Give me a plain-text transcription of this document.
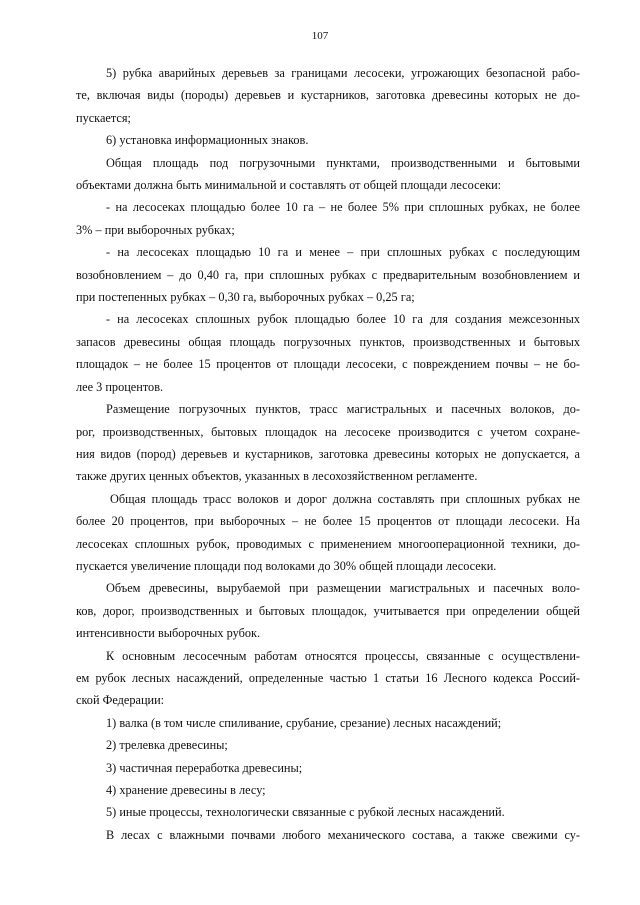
107
5) рубка аварийных деревьев за границами лесосеки, угрожающих безопасной рабо-
те, включая виды (породы) деревьев и кустарников, заготовка древесины которых не до-
пускается;
6) установка информационных знаков.
Общая площадь под погрузочными пунктами, производственными и бытовыми
объектами должна быть минимальной и составлять от общей площади лесосеки:
- на лесосеках площадью более 10 га – не более 5% при сплошных рубках, не более
3% – при выборочных рубках;
- на лесосеках площадью 10 га и менее – при сплошных рубках с последующим
возобновлением – до 0,40 га, при сплошных рубках с предварительным возобновлением и
при постепенных рубках – 0,30 га, выборочных рубках – 0,25 га;
- на лесосеках сплошных рубок площадью более 10 га для создания межсезонных
запасов древесины общая площадь погрузочных пунктов, производственных и бытовых
площадок – не более 15 процентов от площади лесосеки, с повреждением почвы – не бо-
лее 3 процентов.
Размещение погрузочных пунктов, трасс магистральных и пасечных волоков, до-
рог, производственных, бытовых площадок на лесосеке производится с учетом сохране-
ния видов (пород) деревьев и кустарников, заготовка древесины которых не допускается, а
также других ценных объектов, указанных в лесохозяйственном регламенте.
Общая площадь трасс волоков и дорог должна составлять при сплошных рубках не
более 20 процентов, при выборочных – не более 15 процентов от площади лесосеки. На
лесосеках сплошных рубок, проводимых с применением многооперационной техники, до-
пускается увеличение площади под волоками до 30% общей площади лесосеки.
Объем древесины, вырубаемой при размещении магистральных и пасечных воло-
ков, дорог, производственных и бытовых площадок, учитывается при определении общей
интенсивности выборочных рубок.
К основным лесосечным работам относятся процессы, связанные с осуществлени-
ем рубок лесных насаждений, определенные частью 1 статьи 16 Лесного кодекса Россий-
ской Федерации:
1) валка (в том числе спиливание, срубание, срезание) лесных насаждений;
2) трелевка древесины;
3) частичная переработка древесины;
4) хранение древесины в лесу;
5) иные процессы, технологически связанные с рубкой лесных насаждений.
В лесах с влажными почвами любого механического состава, а также свежими су-
